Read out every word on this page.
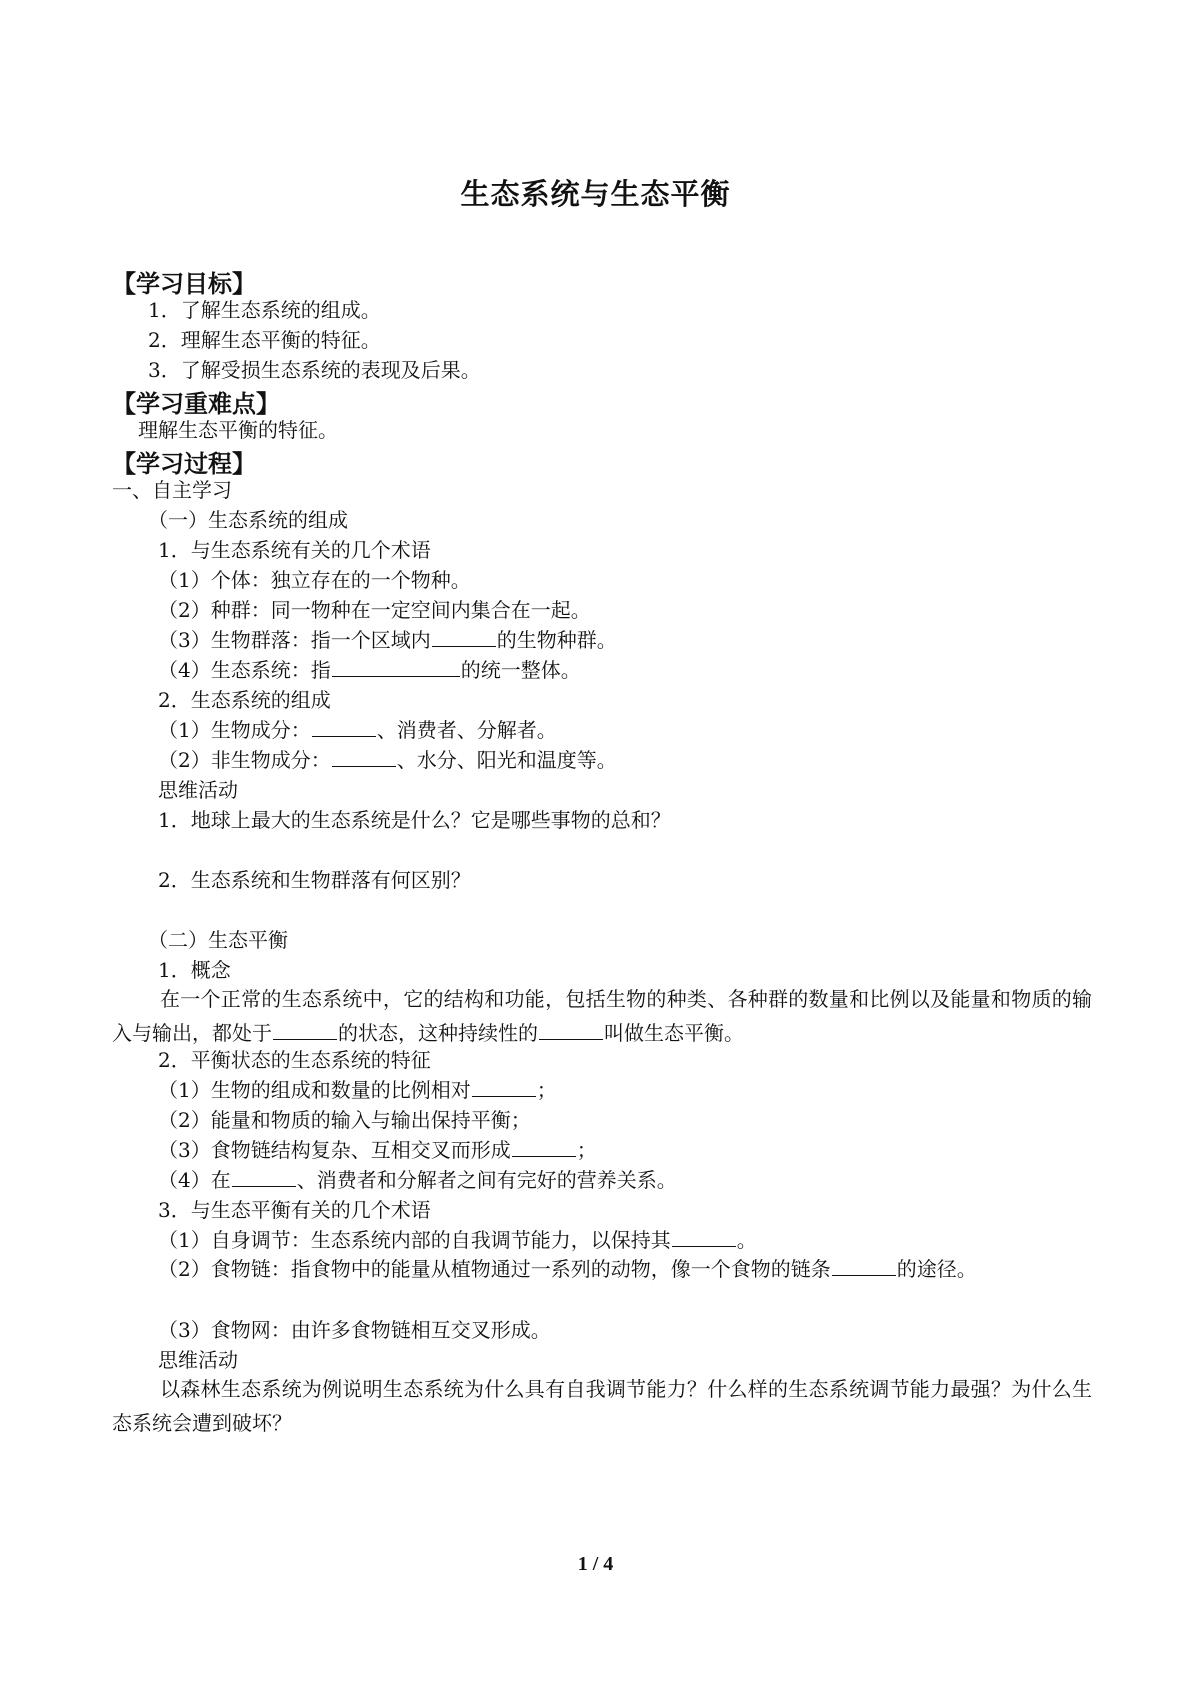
生态系统与生态平衡
【学习目标】
1．了解生态系统的组成。
2．理解生态平衡的特征。
3．了解受损生态系统的表现及后果。
【学习重难点】
理解生态平衡的特征。
【学习过程】
一、自主学习
（一）生态系统的组成
1．与生态系统有关的几个术语
（1）个体：独立存在的一个物种。
（2）种群：同一物种在一定空间内集合在一起。
（3）生物群落：指一个区域内	的生物种群。
（4）生态系统：指	的统一整体。
2．生态系统的组成
（1）生物成分：	、消费者、分解者。
（2）非生物成分：	、水分、阳光和温度等。
思维活动
1．地球上最大的生态系统是什么？它是哪些事物的总和？
2．生态系统和生物群落有何区别？
（二）生态平衡
1．概念
在一个正常的生态系统中，它的结构和功能，包括生物的种类、各种群的数量和比例以及能量和物质的输入与输出，都处于	的状态，这种持续性的	叫做生态平衡。
2．平衡状态的生态系统的特征
（1）生物的组成和数量的比例相对	；
（2）能量和物质的输入与输出保持平衡；
（3）食物链结构复杂、互相交叉而形成	；
（4）在	、消费者和分解者之间有完好的营养关系。
3．与生态平衡有关的几个术语
（1）自身调节：生态系统内部的自我调节能力，以保持其	。
（2）食物链：指食物中的能量从植物通过一系列的动物，像一个食物的链条	的途径。
（3）食物网：由许多食物链相互交叉形成。
思维活动
以森林生态系统为例说明生态系统为什么具有自我调节能力？什么样的生态系统调节能力最强？为什么生态系统会遭到破坏？
1 / 4
